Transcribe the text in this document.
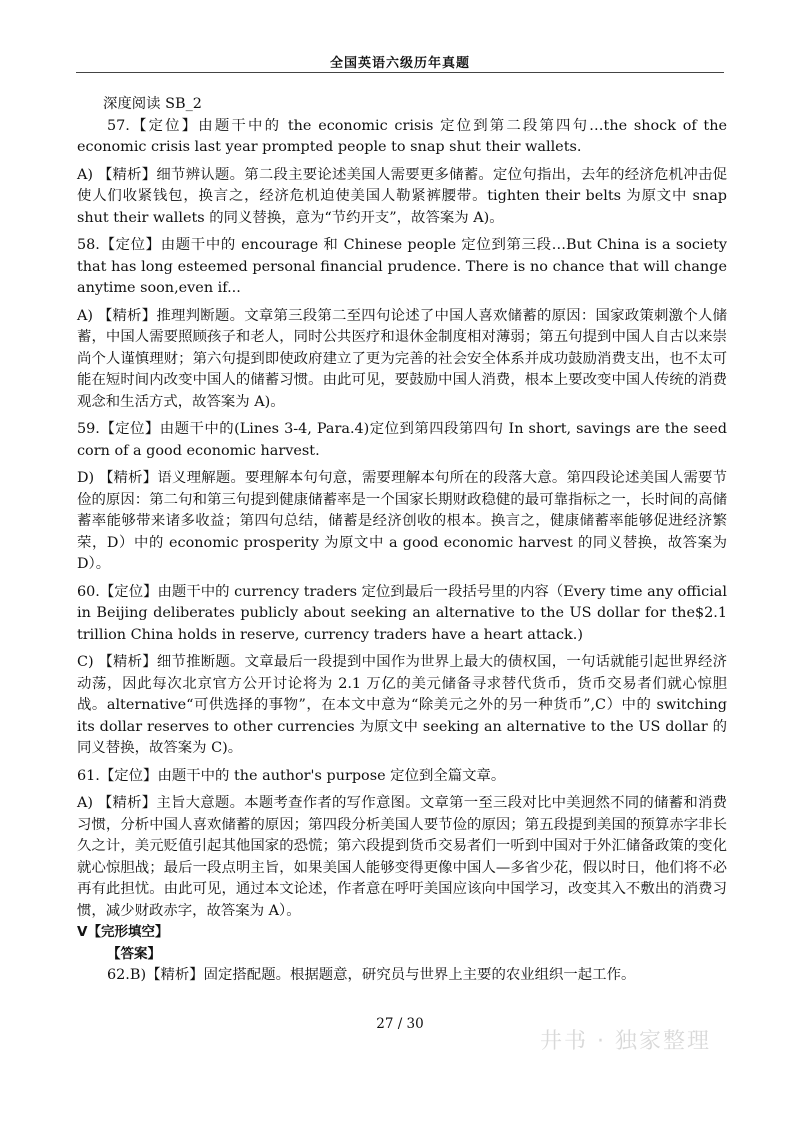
全国英语六级历年真题

深度阅读 SB_2

57.【定位】由题干中的 the economic crisis 定位到第二段第四句…the shock of the economic crisis last year prompted people to snap shut their wallets.

A) 【精析】细节辨认题。第二段主要论述美国人需要更多储蓄。定位句指出，去年的经济危机冲击促使人们收紧钱包，换言之，经济危机迫使美国人勒紧裤腰带。tighten their belts 为原文中 snap shut their wallets 的同义替换，意为“节约开支”，故答案为 A)。

58.【定位】由题干中的 encourage 和 Chinese people 定位到第三段…But China is a society that has long esteemed personal financial prudence. There is no chance that will change anytime soon,even if...

A) 【精析】推理判断题。文章第三段第二至四句论述了中国人喜欢储蓄的原因：国家政策刺激个人储蓄，中国人需要照顾孩子和老人，同时公共医疗和退休金制度相对薄弱；第五句提到中国人自古以来崇尚个人谨慎理财；第六句提到即使政府建立了更为完善的社会安全体系并成功鼓励消费支出，也不太可能在短时间内改变中国人的储蓄习惯。由此可见，要鼓励中国人消费，根本上要改变中国人传统的消费观念和生活方式，故答案为 A)。

59.【定位】由题干中的(Lines 3-4, Para.4)定位到第四段第四句 In short, savings are the seed corn of a good economic harvest.

D) 【精析】语义理解题。要理解本句句意，需要理解本句所在的段落大意。第四段论述美国人需要节俭的原因：第二句和第三句提到健康储蓄率是一个国家长期财政稳健的最可靠指标之一，长时间的高储蓄率能够带来诸多收益；第四句总结，储蓄是经济创收的根本。换言之，健康储蓄率能够促进经济繁荣，D）中的 economic prosperity 为原文中 a good economic harvest 的同义替换，故答案为 D）。

60.【定位】由题干中的 currency traders 定位到最后一段括号里的内容（Every time any official in Beijing deliberates publicly about seeking an alternative to the US dollar for the$2.1 trillion China holds in reserve, currency traders have a heart attack.)

C) 【精析】细节推断题。文章最后一段提到中国作为世界上最大的债权国，一句话就能引起世界经济动荡，因此每次北京官方公开讨论将为 2.1 万亿的美元储备寻求替代货币，货币交易者们就心惊胆战。alternative“可供选择的事物”，在本文中意为“除美元之外的另一种货币”,C）中的 switching its dollar reserves to other currencies 为原文中 seeking an alternative to the US dollar 的同义替换，故答案为 C)。

61.【定位】由题干中的 the author's purpose 定位到全篇文章。

A) 【精析】主旨大意题。本题考查作者的写作意图。文章第一至三段对比中美迥然不同的储蓄和消费习惯，分析中国人喜欢储蓄的原因；第四段分析美国人要节俭的原因；第五段提到美国的预算赤字非长久之计，美元贬值引起其他国家的恐慌；第六段提到货币交易者们一听到中国对于外汇储备政策的变化就心惊胆战；最后一段点明主旨，如果美国人能够变得更像中国人—多省少花，假以时日，他们将不必再有此担忧。由此可见，通过本文论述，作者意在呼吁美国应该向中国学习，改变其入不敷出的消费习惯，减少财政赤字，故答案为 A）。

Ⅴ【完形填空】

【答案】

62.B)【精析】固定搭配题。根据题意，研究员与世界上主要的农业组织一起工作。

27 / 30
井书 · 独家整理
